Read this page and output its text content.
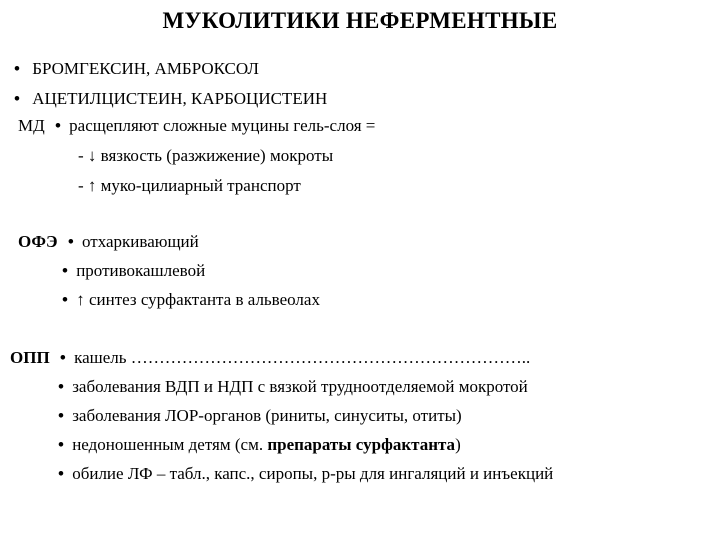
МУКОЛИТИКИ НЕФЕРМЕНТНЫЕ
• БРОМГЕКСИН, АМБРОКСОЛ
• АЦЕТИЛЦИСТЕИН, КАРБОЦИСТЕИН
МД • расщепляют сложные муцины гель-слоя =
- ↓ вязкость (разжижение) мокроты
- ↑ муко-цилиарный транспорт
ОФЭ • отхаркивающий
• противокашлевой
• ↑ синтез сурфактанта в альвеолах
ОПП • кашель ……………………………………………………………..
• заболевания ВДП и НДП с вязкой трудноотделяемой мокротой
• заболевания ЛОР-органов (риниты, синуситы, отиты)
• недоношенным детям (см. препараты сурфактанта)
• обилие ЛФ – табл., капс., сиропы, р-ры для ингаляций и инъекций
